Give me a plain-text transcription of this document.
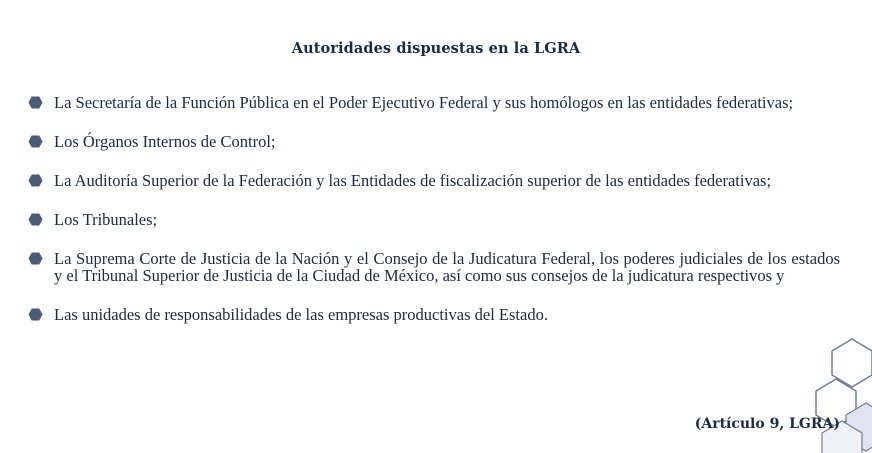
Autoridades dispuestas en la LGRA
La Secretaría de la Función Pública en el Poder Ejecutivo Federal y sus homólogos en las entidades federativas;
Los Órganos Internos de Control;
La Auditoría Superior de la Federación y las Entidades de fiscalización superior de las entidades federativas;
Los Tribunales;
La Suprema Corte de Justicia de la Nación y el Consejo de la Judicatura Federal, los poderes judiciales de los estados y el Tribunal Superior de Justicia de la Ciudad de México, así como sus consejos de la judicatura respectivos y
Las unidades de responsabilidades de las empresas productivas del Estado.
(Artículo 9, LGRA)
